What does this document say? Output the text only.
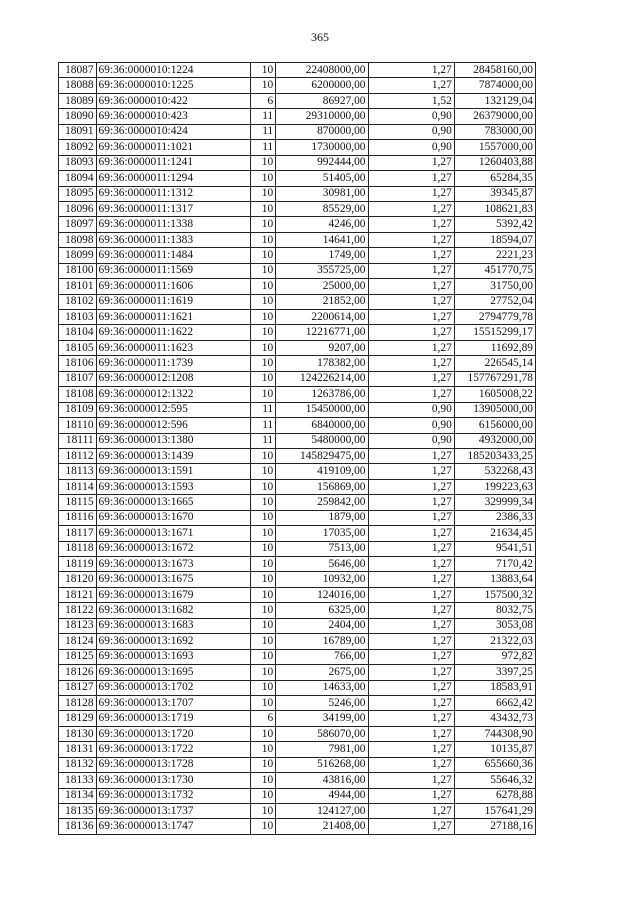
365
18087	69:36:0000010:1224	10	22408000,00	1,27	28458160,00
18088	69:36:0000010:1225	10	6200000,00	1,27	7874000,00
18089	69:36:0000010:422	6	86927,00	1,52	132129,04
18090	69:36:0000010:423	11	29310000,00	0,90	26379000,00
18091	69:36:0000010:424	11	870000,00	0,90	783000,00
18092	69:36:0000011:1021	11	1730000,00	0,90	1557000,00
18093	69:36:0000011:1241	10	992444,00	1,27	1260403,88
18094	69:36:0000011:1294	10	51405,00	1,27	65284,35
18095	69:36:0000011:1312	10	30981,00	1,27	39345,87
18096	69:36:0000011:1317	10	85529,00	1,27	108621,83
18097	69:36:0000011:1338	10	4246,00	1,27	5392,42
18098	69:36:0000011:1383	10	14641,00	1,27	18594,07
18099	69:36:0000011:1484	10	1749,00	1,27	2221,23
18100	69:36:0000011:1569	10	355725,00	1,27	451770,75
18101	69:36:0000011:1606	10	25000,00	1,27	31750,00
18102	69:36:0000011:1619	10	21852,00	1,27	27752,04
18103	69:36:0000011:1621	10	2200614,00	1,27	2794779,78
18104	69:36:0000011:1622	10	12216771,00	1,27	15515299,17
18105	69:36:0000011:1623	10	9207,00	1,27	11692,89
18106	69:36:0000011:1739	10	178382,00	1,27	226545,14
18107	69:36:0000012:1208	10	124226214,00	1,27	157767291,78
18108	69:36:0000012:1322	10	1263786,00	1,27	1605008,22
18109	69:36:0000012:595	11	15450000,00	0,90	13905000,00
18110	69:36:0000012:596	11	6840000,00	0,90	6156000,00
18111	69:36:0000013:1380	11	5480000,00	0,90	4932000,00
18112	69:36:0000013:1439	10	145829475,00	1,27	185203433,25
18113	69:36:0000013:1591	10	419109,00	1,27	532268,43
18114	69:36:0000013:1593	10	156869,00	1,27	199223,63
18115	69:36:0000013:1665	10	259842,00	1,27	329999,34
18116	69:36:0000013:1670	10	1879,00	1,27	2386,33
18117	69:36:0000013:1671	10	17035,00	1,27	21634,45
18118	69:36:0000013:1672	10	7513,00	1,27	9541,51
18119	69:36:0000013:1673	10	5646,00	1,27	7170,42
18120	69:36:0000013:1675	10	10932,00	1,27	13883,64
18121	69:36:0000013:1679	10	124016,00	1,27	157500,32
18122	69:36:0000013:1682	10	6325,00	1,27	8032,75
18123	69:36:0000013:1683	10	2404,00	1,27	3053,08
18124	69:36:0000013:1692	10	16789,00	1,27	21322,03
18125	69:36:0000013:1693	10	766,00	1,27	972,82
18126	69:36:0000013:1695	10	2675,00	1,27	3397,25
18127	69:36:0000013:1702	10	14633,00	1,27	18583,91
18128	69:36:0000013:1707	10	5246,00	1,27	6662,42
18129	69:36:0000013:1719	6	34199,00	1,27	43432,73
18130	69:36:0000013:1720	10	586070,00	1,27	744308,90
18131	69:36:0000013:1722	10	7981,00	1,27	10135,87
18132	69:36:0000013:1728	10	516268,00	1,27	655660,36
18133	69:36:0000013:1730	10	43816,00	1,27	55646,32
18134	69:36:0000013:1732	10	4944,00	1,27	6278,88
18135	69:36:0000013:1737	10	124127,00	1,27	157641,29
18136	69:36:0000013:1747	10	21408,00	1,27	27188,16
